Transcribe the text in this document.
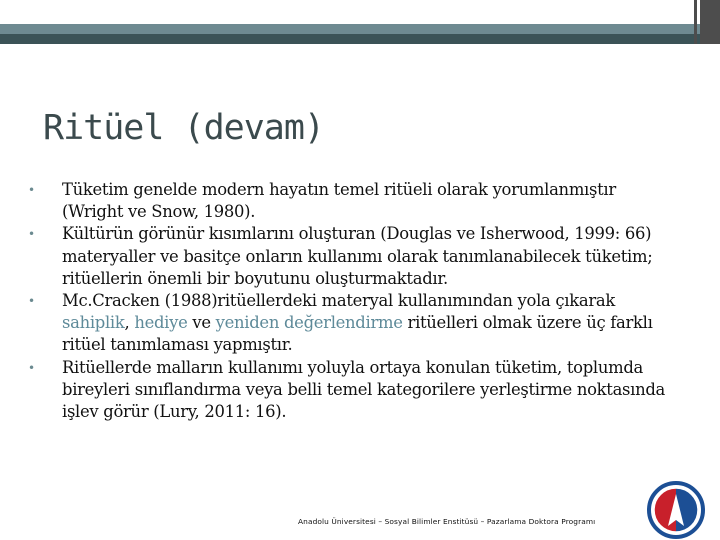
Ritüel (devam)
• Tüketim genelde modern hayatın temel ritüeli olarak yorumlanmıştır (Wright ve Snow, 1980).
• Kültürün görünür kısımlarını oluşturan (Douglas ve Isherwood, 1999: 66) materyaller ve basitçe onların kullanımı olarak tanımlanabilecek tüketim; ritüellerin önemli bir boyutunu oluşturmaktadır.
• Mc.Cracken (1988)ritüellerdeki materyal kullanımından yola çıkarak sahiplik, hediye ve yeniden değerlendirme ritüelleri olmak üzere üç farklı ritüel tanımlaması yapmıştır.
• Ritüellerde malların kullanımı yoluyla ortaya konulan tüketim, toplumda bireyleri sınıflandırma veya belli temel kategorilere yerleştirme noktasında işlev görür (Lury, 2011: 16).
Anadolu Üniversitesi – Sosyal Bilimler Enstitüsü – Pazarlama Doktora Programı
